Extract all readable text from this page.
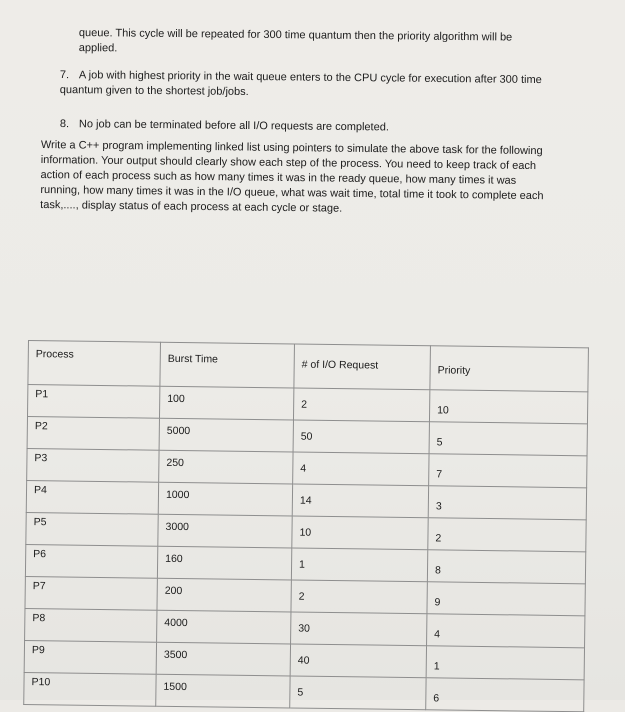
queue. This cycle will be repeated for 300 time quantum then the priority algorithm will be applied.
7. A job with highest priority in the wait queue enters to the CPU cycle for execution after 300 time quantum given to the shortest job/jobs.
8. No job can be terminated before all I/O requests are completed.
Write a C++ program implementing linked list using pointers to simulate the above task for the following information. Your output should clearly show each step of the process. You need to keep track of each action of each process such as how many times it was in the ready queue, how many times it was running, how many times it was in the I/O queue, what was wait time, total time it took to complete each task,...., display status of each process at each cycle or stage.
Process	Burst Time	# of I/O Request	Priority
P1	100	2	10
P2	5000	50	5
P3	250	4	7
P4	1000	14	3
P5	3000	10	2
P6	160	1	8
P7	200	2	9
P8	4000	30	4
P9	3500	40	1
P10	1500	5	6
